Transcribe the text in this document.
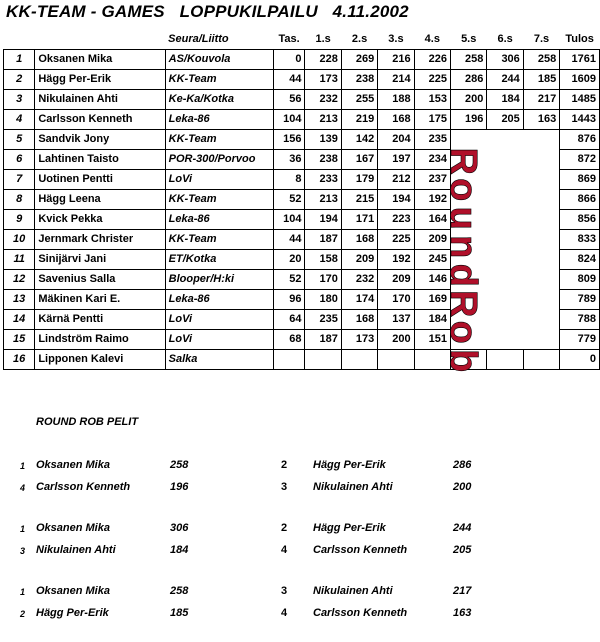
KK-TEAM - GAMES   LOPPUKILPAILU   4.11.2002
		Seura/Liitto	Tas.	1.s	2.s	3.s	4.s	5.s	6.s	7.s	Tulos
1	Oksanen Mika	AS/Kouvola	0	228	269	216	226	258	306	258	1761
2	Hägg Per-Erik	KK-Team	44	173	238	214	225	286	244	185	1609
3	Nikulainen Ahti	Ke-Ka/Kotka	56	232	255	188	153	200	184	217	1485
4	Carlsson Kenneth	Leka-86	104	213	219	168	175	196	205	163	1443
5	Sandvik Jony	KK-Team	156	139	142	204	235				876
6	Lahtinen Taisto	POR-300/Porvoo	36	238	167	197	234				872
7	Uotinen Pentti	LoVi	8	233	179	212	237				869
8	Hägg Leena	KK-Team	52	213	215	194	192				866
9	Kvick Pekka	Leka-86	104	194	171	223	164				856
10	Jernmark Christer	KK-Team	44	187	168	225	209				833
11	Sinijärvi Jani	ET/Kotka	20	158	209	192	245				824
12	Savenius Salla	Blooper/H:ki	52	170	232	209	146				809
13	Mäkinen Kari E.	Leka-86	96	180	174	170	169				789
14	Kärnä Pentti	LoVi	64	235	168	137	184				788
15	Lindström Raimo	LoVi	68	187	173	200	151				779
16	Lipponen Kalevi	Salka									0
R
o
u
n
d
R
o
b
ROUND ROB PELIT
1 Oksanen Mika	258	2 Hägg Per-Erik	286
4 Carlsson Kenneth	196	3 Nikulainen Ahti	200
1 Oksanen Mika	306	2 Hägg Per-Erik	244
3 Nikulainen Ahti	184	4 Carlsson Kenneth	205
1 Oksanen Mika	258	3 Nikulainen Ahti	217
2 Hägg Per-Erik	185	4 Carlsson Kenneth	163
